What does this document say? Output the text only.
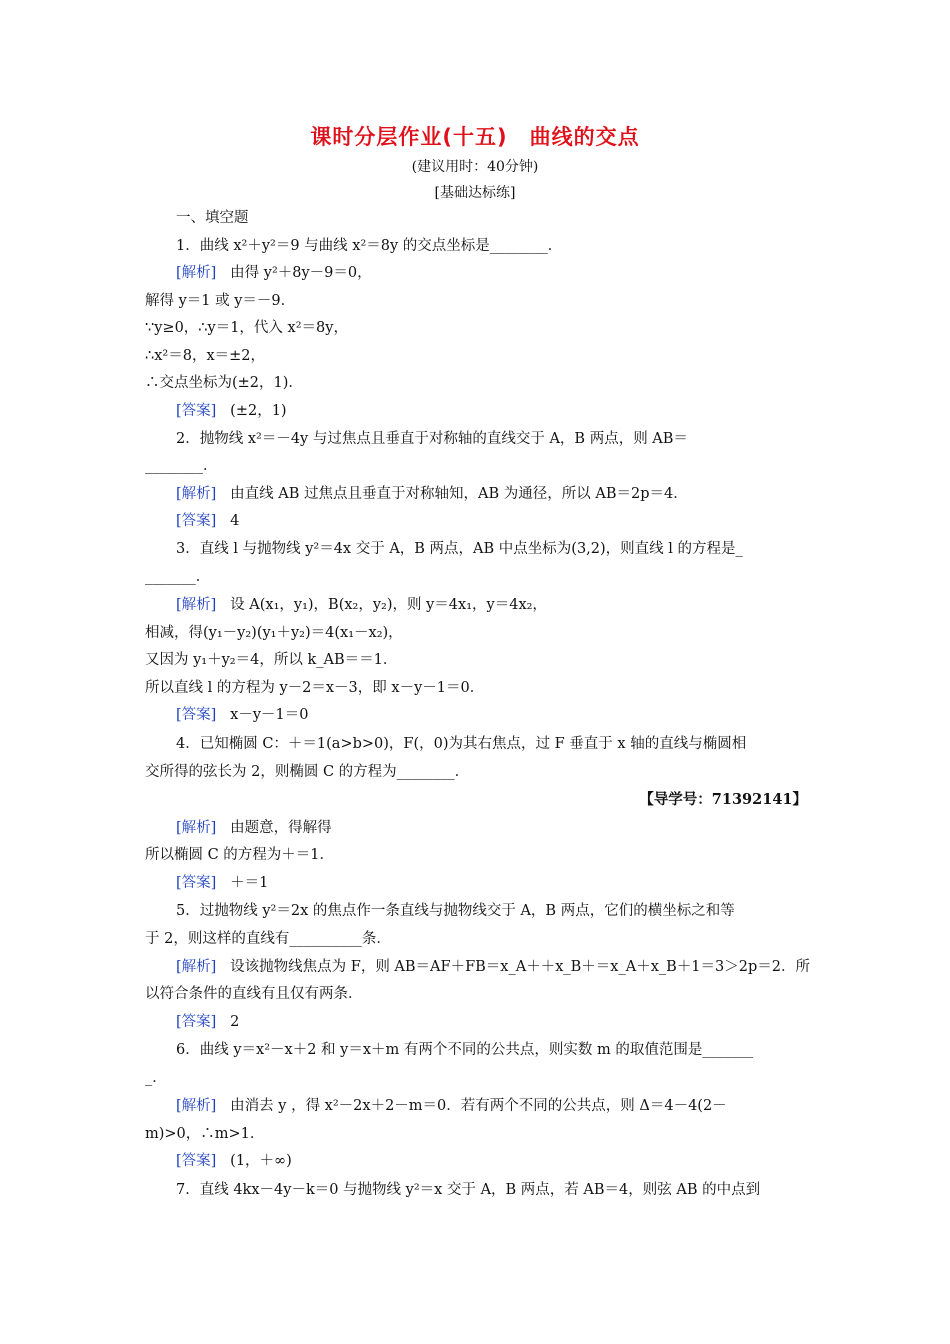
课时分层作业(十五)　曲线的交点
(建议用时：40分钟)
[基础达标练]
一、填空题
1．曲线 x²＋y²＝9 与曲线 x²＝8y 的交点坐标是________．
[解析] 由得 y²＋8y－9＝0，
解得 y＝1 或 y＝－9．
∵y≥0，∴y＝1，代入 x²＝8y，
∴x²＝8，x＝±2，
∴交点坐标为(±2，1)．
[答案] (±2，1)
2．抛物线 x²＝－4y 与过焦点且垂直于对称轴的直线交于 A，B 两点，则 AB＝
________．
[解析] 由直线 AB 过焦点且垂直于对称轴知，AB 为通径，所以 AB＝2p＝4．
[答案] 4
3．直线 l 与抛物线 y²＝4x 交于 A，B 两点，AB 中点坐标为(3,2)，则直线 l 的方程是_
_______．
[解析] 设 A(x₁，y₁)，B(x₂，y₂)，则 y＝4x₁，y＝4x₂，
相减，得(y₁－y₂)(y₁＋y₂)＝4(x₁－x₂)，
又因为 y₁＋y₂＝4，所以 k_AB＝＝1．
所以直线 l 的方程为 y－2＝x－3，即 x－y－1＝0．
[答案] x－y－1＝0
4．已知椭圆 C：＋＝1(a>b>0)，F(，0)为其右焦点，过 F 垂直于 x 轴的直线与椭圆相
交所得的弦长为 2，则椭圆 C 的方程为________．
【导学号：71392141】
[解析] 由题意，得解得
所以椭圆 C 的方程为＋＝1．
[答案] ＋＝1
5．过抛物线 y²＝2x 的焦点作一条直线与抛物线交于 A，B 两点，它们的横坐标之和等
于 2，则这样的直线有__________条．
[解析] 设该抛物线焦点为 F，则 AB＝AF＋FB＝x_A＋＋x_B＋＝x_A＋x_B＋1＝3＞2p＝2．所
以符合条件的直线有且仅有两条．
[答案] 2
6．曲线 y＝x²－x＋2 和 y＝x＋m 有两个不同的公共点，则实数 m 的取值范围是_______
_．
[解析] 由消去 y ，得 x²－2x＋2－m＝0．若有两个不同的公共点，则 Δ＝4－4(2－
m)>0，∴m>1．
[答案] (1，＋∞)
7．直线 4kx－4y－k＝0 与抛物线 y²＝x 交于 A，B 两点，若 AB＝4，则弦 AB 的中点到
